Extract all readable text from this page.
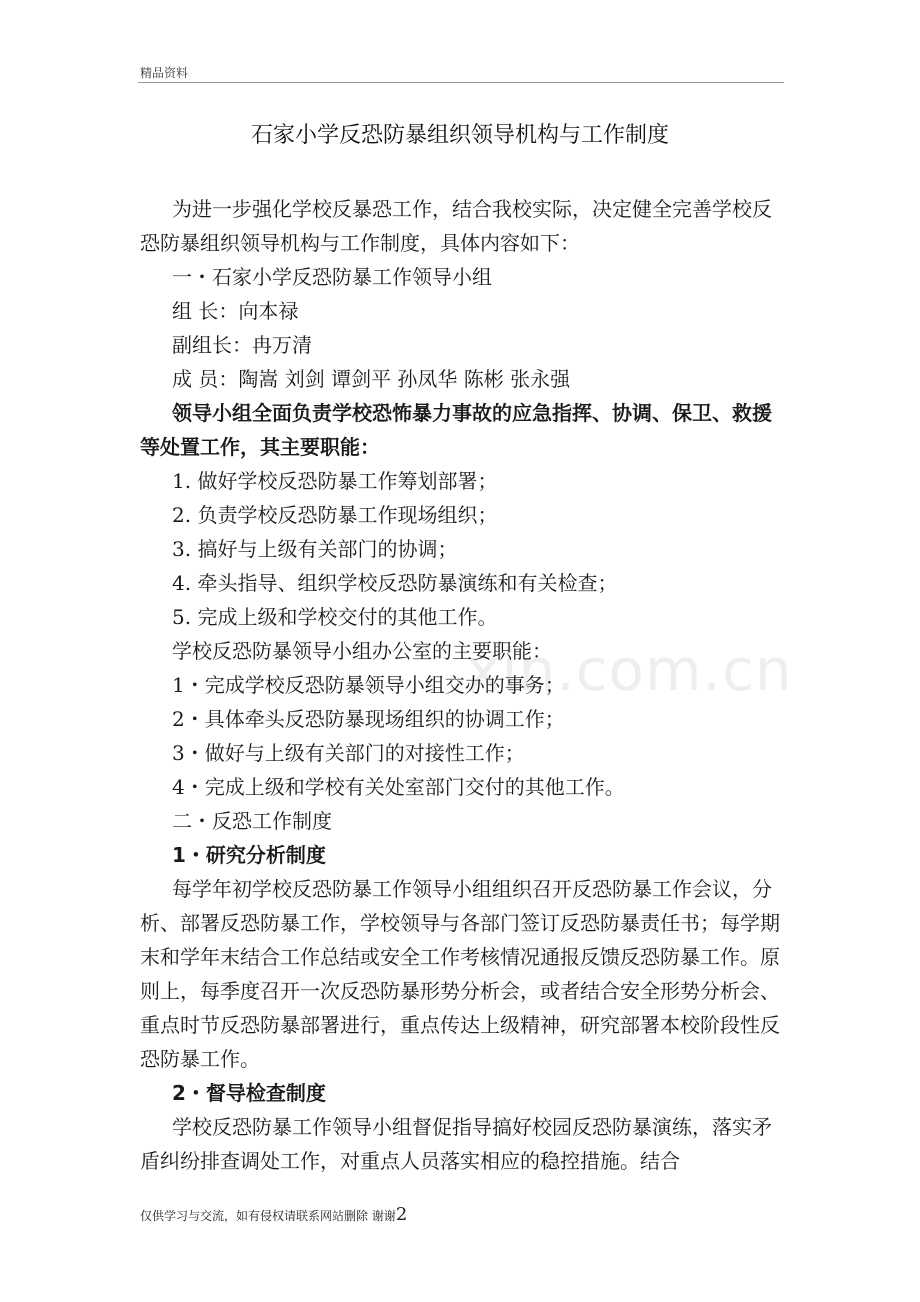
精品资料
石家小学反恐防暴组织领导机构与工作制度
xin.com.cn

为进一步强化学校反暴恐工作，结合我校实际，决定健全完善学校反恐防暴组织领导机构与工作制度，具体内容如下：

一・石家小学反恐防暴工作领导小组

组 长：向本禄

副组长：冉万清

成 员：陶嵩 刘剑 谭剑平 孙凤华 陈彬 张永强

领导小组全面负责学校恐怖暴力事故的应急指挥、协调、保卫、救援等处置工作，其主要职能：

1. 做好学校反恐防暴工作筹划部署；

2. 负责学校反恐防暴工作现场组织；

3. 搞好与上级有关部门的协调；

4. 牵头指导、组织学校反恐防暴演练和有关检查；

5. 完成上级和学校交付的其他工作。

学校反恐防暴领导小组办公室的主要职能：

1・完成学校反恐防暴领导小组交办的事务；

2・具体牵头反恐防暴现场组织的协调工作；

3・做好与上级有关部门的对接性工作；

4・完成上级和学校有关处室部门交付的其他工作。

二・反恐工作制度

1・研究分析制度

每学年初学校反恐防暴工作领导小组组织召开反恐防暴工作会议，分析、部署反恐防暴工作，学校领导与各部门签订反恐防暴责任书；每学期末和学年末结合工作总结或安全工作考核情况通报反馈反恐防暴工作。原则上，每季度召开一次反恐防暴形势分析会，或者结合安全形势分析会、重点时节反恐防暴部署进行，重点传达上级精神，研究部署本校阶段性反恐防暴工作。

2・督导检查制度

学校反恐防暴工作领导小组督促指导搞好校园反恐防暴演练，落实矛盾纠纷排查调处工作，对重点人员落实相应的稳控措施。结合

仅供学习与交流，如有侵权请联系网站删除 谢谢2
